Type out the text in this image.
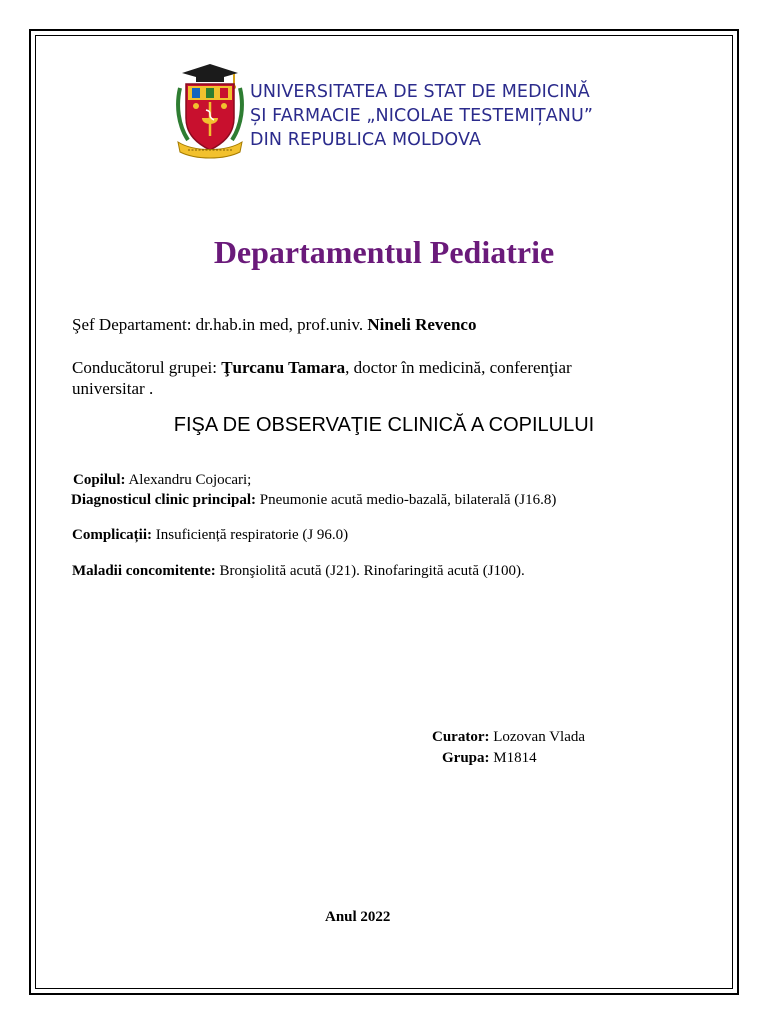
UNIVERSITATEA DE STAT DE MEDICINĂ
ȘI FARMACIE „NICOLAE TESTEMIȚANU”
DIN REPUBLICA MOLDOVA
Departamentul Pediatrie
Şef Departament: dr.hab.in med, prof.univ. Nineli Revenco
Conducătorul grupei: Ţurcanu Tamara, doctor în medicină, conferenţiar
universitar .
FIŞA DE OBSERVAŢIE CLINICĂ A COPILULUI
Copilul: Alexandru Cojocari;
Diagnosticul clinic principal: Pneumonie acută medio-bazală, bilaterală (J16.8)
Complicații: Insuficiență respiratorie (J 96.0)
Maladii concomitente: Bronşiolită acută (J21). Rinofaringită acută (J100).
Curator: Lozovan Vlada
Grupa: M1814
Anul 2022
